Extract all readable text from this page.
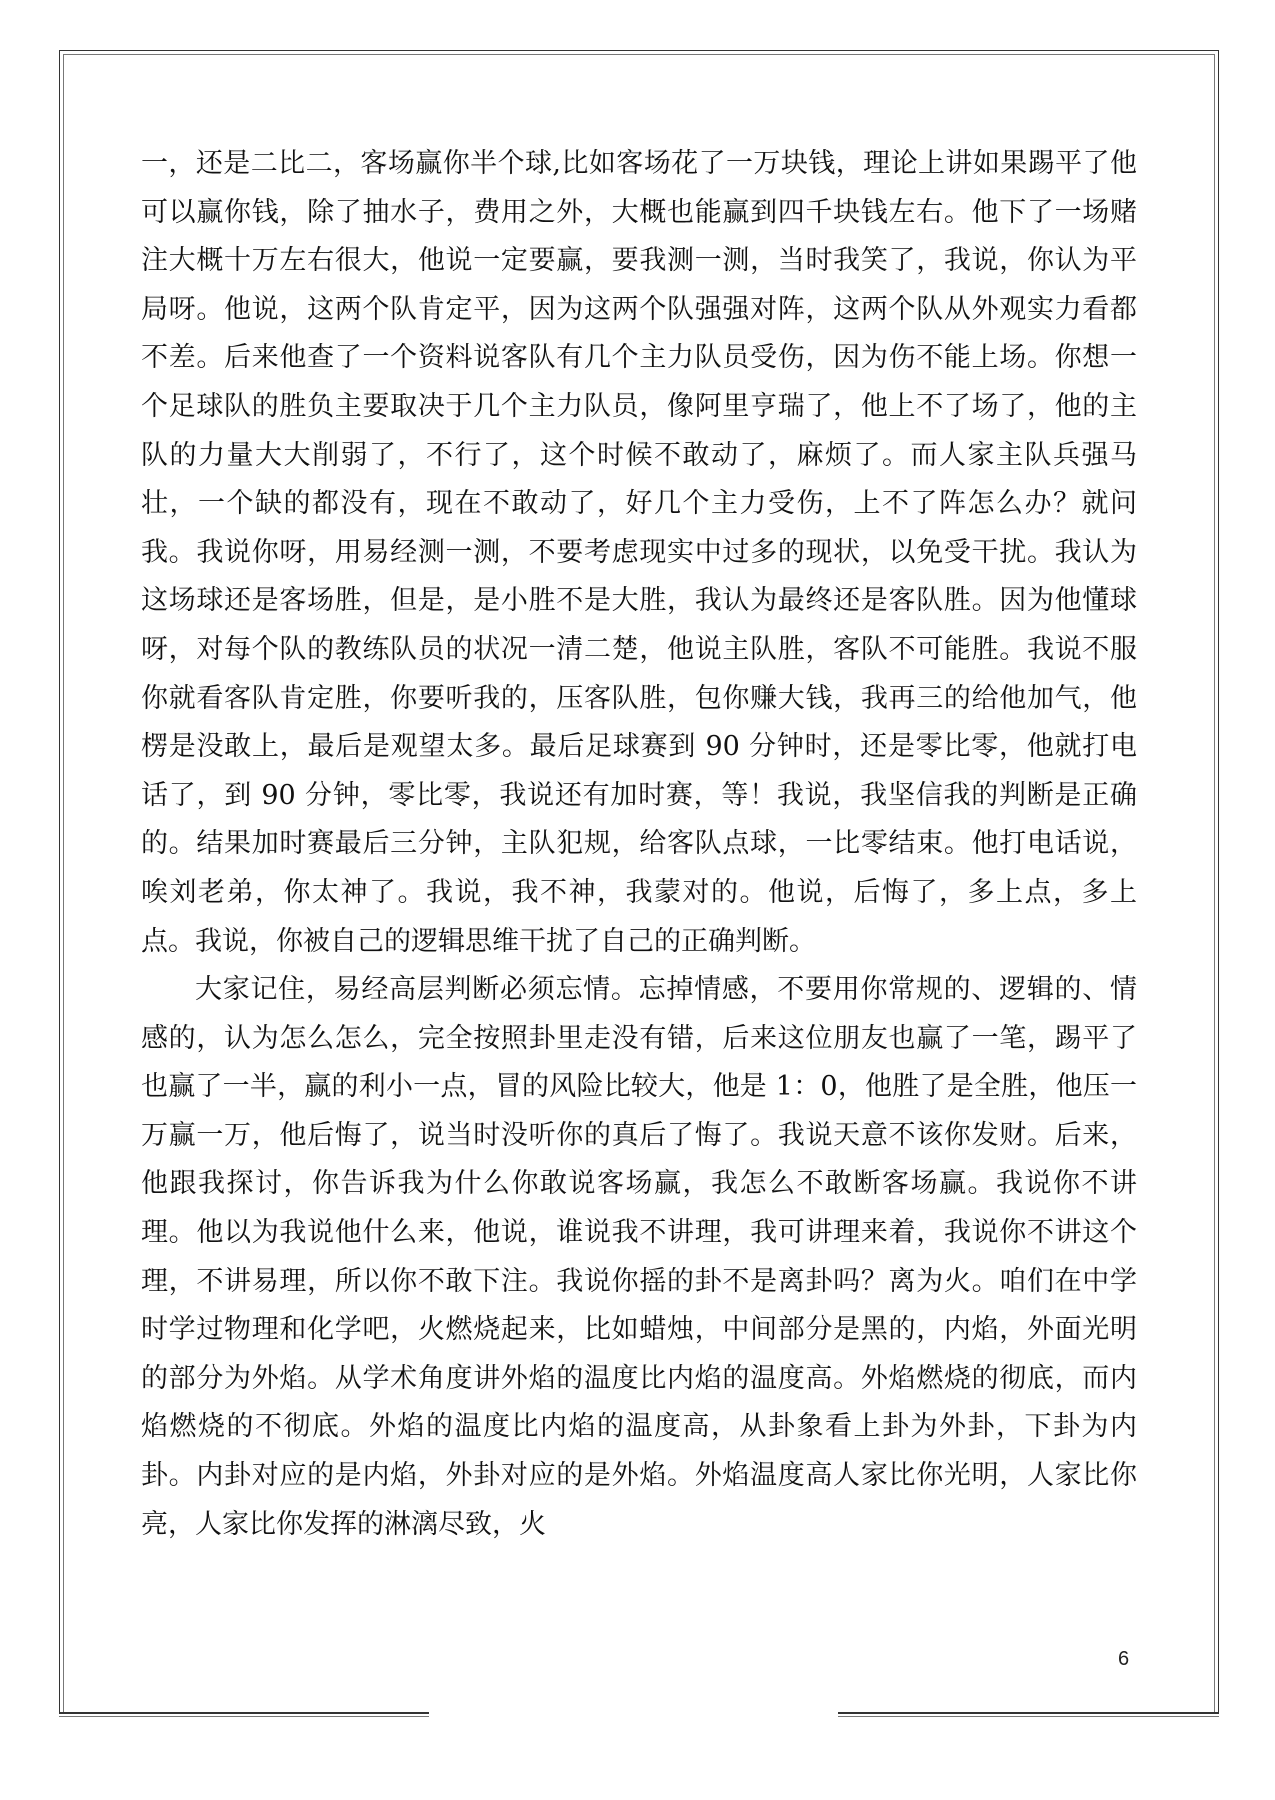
一，还是二比二，客场赢你半个球,比如客场花了一万块钱，理论上讲如果踢平了他可以赢你钱，除了抽水子，费用之外，大概也能赢到四千块钱左右。他下了一场赌注大概十万左右很大，他说一定要赢，要我测一测，当时我笑了，我说，你认为平局呀。他说，这两个队肯定平，因为这两个队强强对阵，这两个队从外观实力看都不差。后来他查了一个资料说客队有几个主力队员受伤，因为伤不能上场。你想一个足球队的胜负主要取决于几个主力队员，像阿里亨瑞了，他上不了场了，他的主队的力量大大削弱了，不行了，这个时候不敢动了，麻烦了。而人家主队兵强马壮，一个缺的都没有，现在不敢动了，好几个主力受伤，上不了阵怎么办？就问我。我说你呀，用易经测一测，不要考虑现实中过多的现状，以免受干扰。我认为这场球还是客场胜，但是，是小胜不是大胜，我认为最终还是客队胜。因为他懂球呀，对每个队的教练队员的状况一清二楚，他说主队胜，客队不可能胜。我说不服你就看客队肯定胜，你要听我的，压客队胜，包你赚大钱，我再三的给他加气，他楞是没敢上，最后是观望太多。最后足球赛到 90 分钟时，还是零比零，他就打电话了，到 90 分钟，零比零，我说还有加时赛，等！我说，我坚信我的判断是正确的。结果加时赛最后三分钟，主队犯规，给客队点球，一比零结束。他打电话说，唉刘老弟，你太神了。我说，我不神，我蒙对的。他说，后悔了，多上点，多上点。我说，你被自己的逻辑思维干扰了自己的正确判断。

大家记住，易经高层判断必须忘情。忘掉情感，不要用你常规的、逻辑的、情感的，认为怎么怎么，完全按照卦里走没有错，后来这位朋友也赢了一笔，踢平了也赢了一半，赢的利小一点，冒的风险比较大，他是 1：0，他胜了是全胜，他压一万赢一万，他后悔了，说当时没听你的真后了悔了。我说天意不该你发财。后来，他跟我探讨，你告诉我为什么你敢说客场赢，我怎么不敢断客场赢。我说你不讲理。他以为我说他什么来，他说，谁说我不讲理，我可讲理来着，我说你不讲这个理，不讲易理，所以你不敢下注。我说你摇的卦不是离卦吗？离为火。咱们在中学时学过物理和化学吧，火燃烧起来，比如蜡烛，中间部分是黑的，内焰，外面光明的部分为外焰。从学术角度讲外焰的温度比内焰的温度高。外焰燃烧的彻底，而内焰燃烧的不彻底。外焰的温度比内焰的温度高，从卦象看上卦为外卦，下卦为内卦。内卦对应的是内焰，外卦对应的是外焰。外焰温度高人家比你光明，人家比你亮，人家比你发挥的淋漓尽致，火

6
